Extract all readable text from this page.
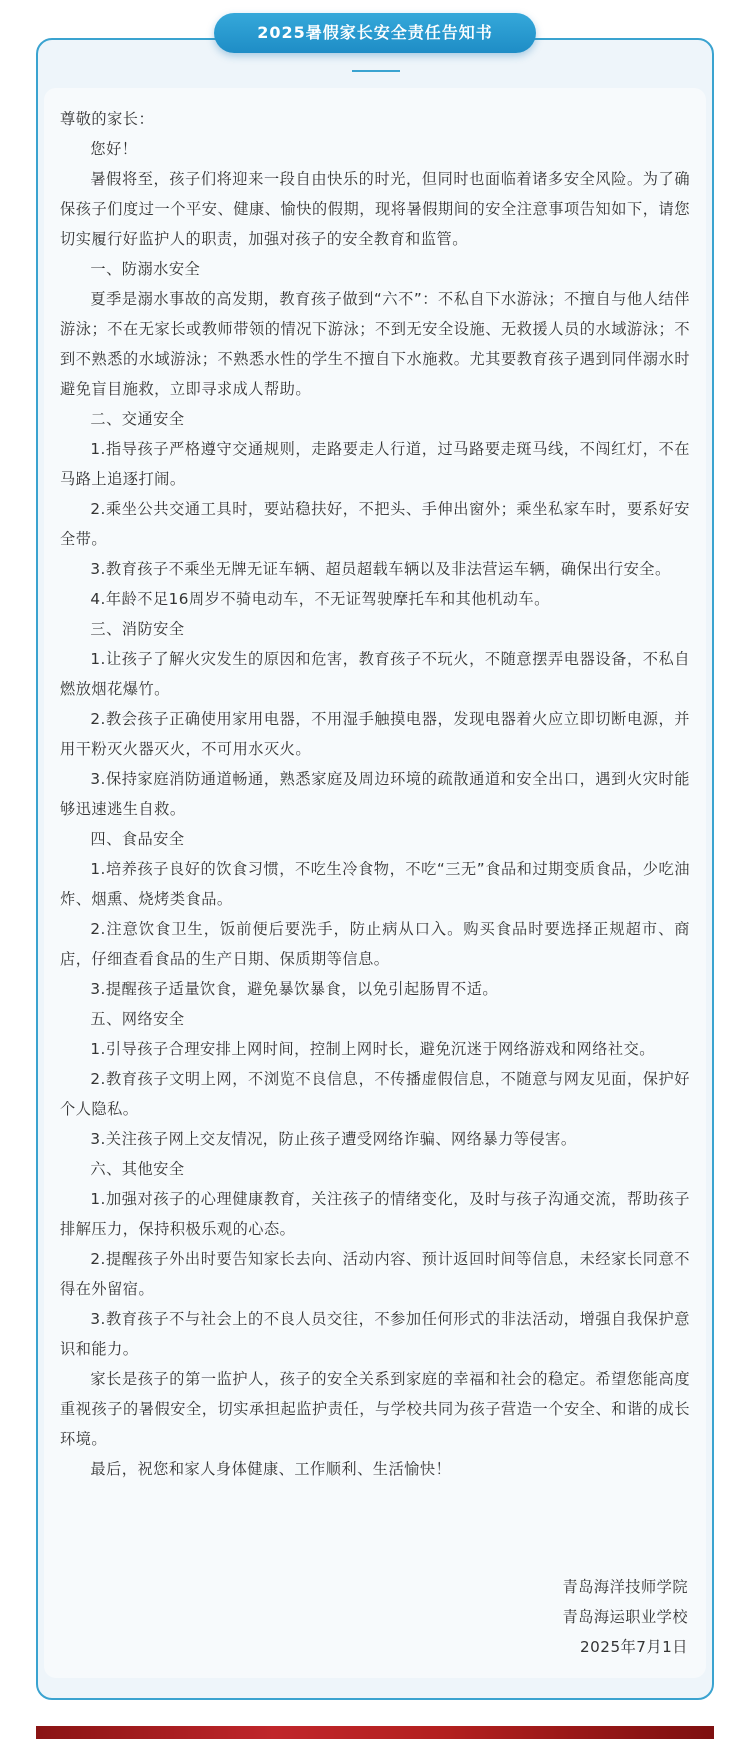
2025暑假家长安全责任告知书

尊敬的家长：

您好！

暑假将至，孩子们将迎来一段自由快乐的时光，但同时也面临着诸多安全风险。为了确保孩子们度过一个平安、健康、愉快的假期，现将暑假期间的安全注意事项告知如下，请您切实履行好监护人的职责，加强对孩子的安全教育和监管。

一、防溺水安全

夏季是溺水事故的高发期，教育孩子做到“六不”：不私自下水游泳；不擅自与他人结伴游泳；不在无家长或教师带领的情况下游泳；不到无安全设施、无救援人员的水域游泳；不到不熟悉的水域游泳；不熟悉水性的学生不擅自下水施救。尤其要教育孩子遇到同伴溺水时避免盲目施救，立即寻求成人帮助。

二、交通安全

1.指导孩子严格遵守交通规则，走路要走人行道，过马路要走斑马线，不闯红灯，不在马路上追逐打闹。

2.乘坐公共交通工具时，要站稳扶好，不把头、手伸出窗外；乘坐私家车时，要系好安全带。

3.教育孩子不乘坐无牌无证车辆、超员超载车辆以及非法营运车辆，确保出行安全。

4.年龄不足16周岁不骑电动车，不无证驾驶摩托车和其他机动车。

三、消防安全

1.让孩子了解火灾发生的原因和危害，教育孩子不玩火，不随意摆弄电器设备，不私自燃放烟花爆竹。

2.教会孩子正确使用家用电器，不用湿手触摸电器，发现电器着火应立即切断电源，并用干粉灭火器灭火，不可用水灭火。

3.保持家庭消防通道畅通，熟悉家庭及周边环境的疏散通道和安全出口，遇到火灾时能够迅速逃生自救。

四、食品安全

1.培养孩子良好的饮食习惯，不吃生冷食物，不吃“三无”食品和过期变质食品，少吃油炸、烟熏、烧烤类食品。

2.注意饮食卫生，饭前便后要洗手，防止病从口入。购买食品时要选择正规超市、商店，仔细查看食品的生产日期、保质期等信息。

3.提醒孩子适量饮食，避免暴饮暴食，以免引起肠胃不适。

五、网络安全

1.引导孩子合理安排上网时间，控制上网时长，避免沉迷于网络游戏和网络社交。

2.教育孩子文明上网，不浏览不良信息，不传播虚假信息，不随意与网友见面，保护好个人隐私。

3.关注孩子网上交友情况，防止孩子遭受网络诈骗、网络暴力等侵害。

六、其他安全

1.加强对孩子的心理健康教育，关注孩子的情绪变化，及时与孩子沟通交流，帮助孩子排解压力，保持积极乐观的心态。

2.提醒孩子外出时要告知家长去向、活动内容、预计返回时间等信息，未经家长同意不得在外留宿。

3.教育孩子不与社会上的不良人员交往，不参加任何形式的非法活动，增强自我保护意识和能力。

家长是孩子的第一监护人，孩子的安全关系到家庭的幸福和社会的稳定。希望您能高度重视孩子的暑假安全，切实承担起监护责任，与学校共同为孩子营造一个安全、和谐的成长环境。

最后，祝您和家人身体健康、工作顺利、生活愉快！

青岛海洋技师学院
青岛海运职业学校
2025年7月1日
